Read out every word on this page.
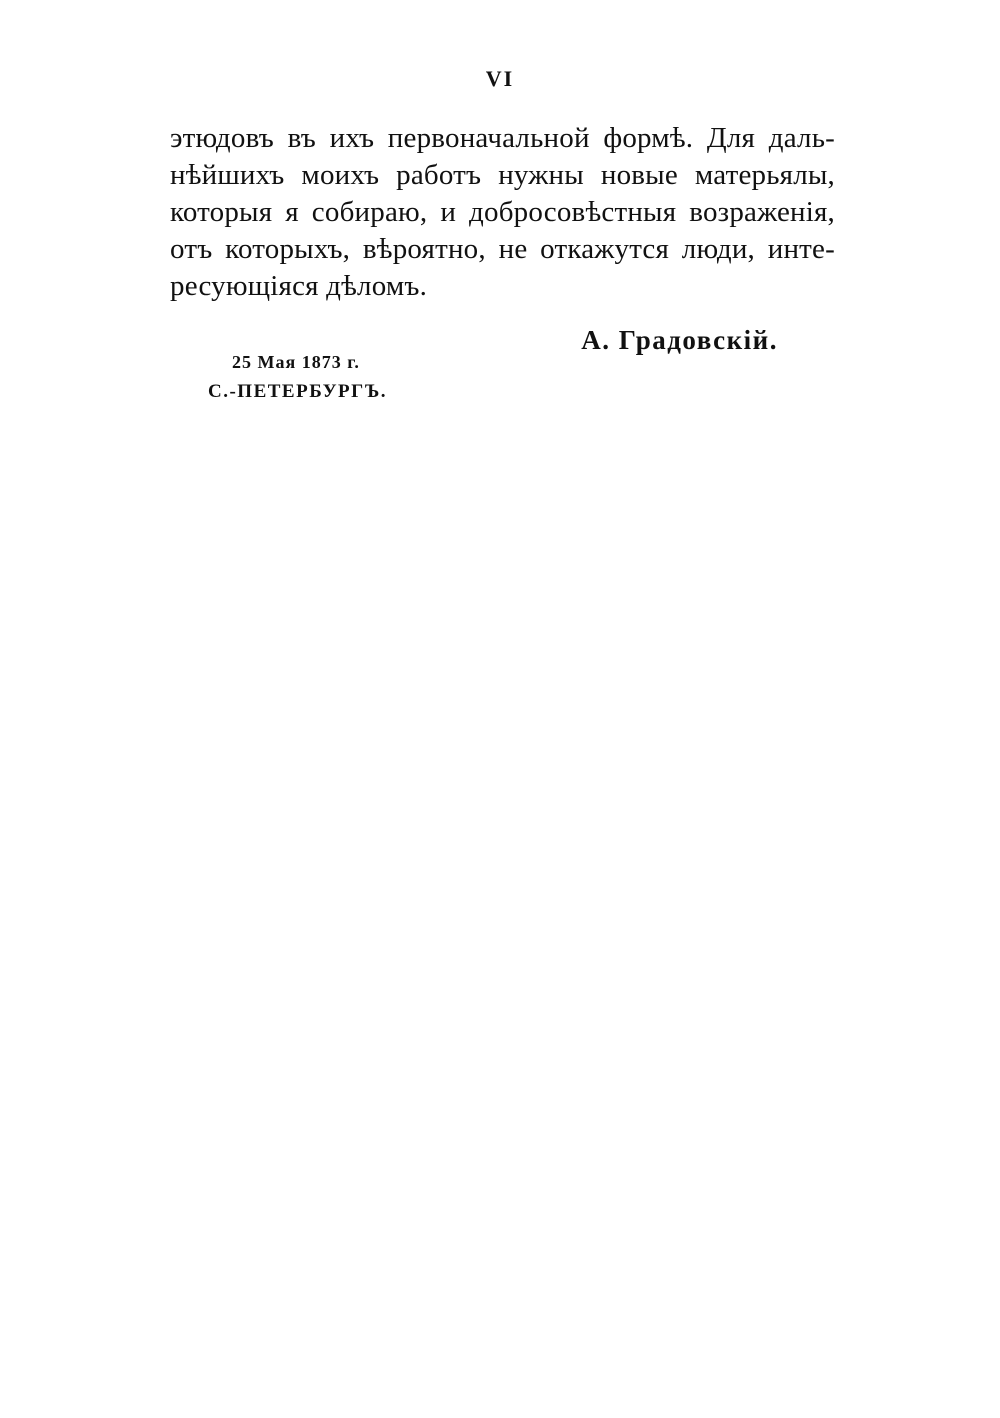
VI
этюдовъ въ ихъ первоначальной формѣ. Для даль-
нѣйшихъ моихъ работъ нужны новые матерьялы,
которыя я собираю, и добросовѣстныя возраженія,
отъ которыхъ, вѣроятно, не откажутся люди, инте-
ресующіяся дѣломъ.
А. Градовскій.
25 Мая 1873 г.
С.-ПЕТЕРБУРГЪ.
